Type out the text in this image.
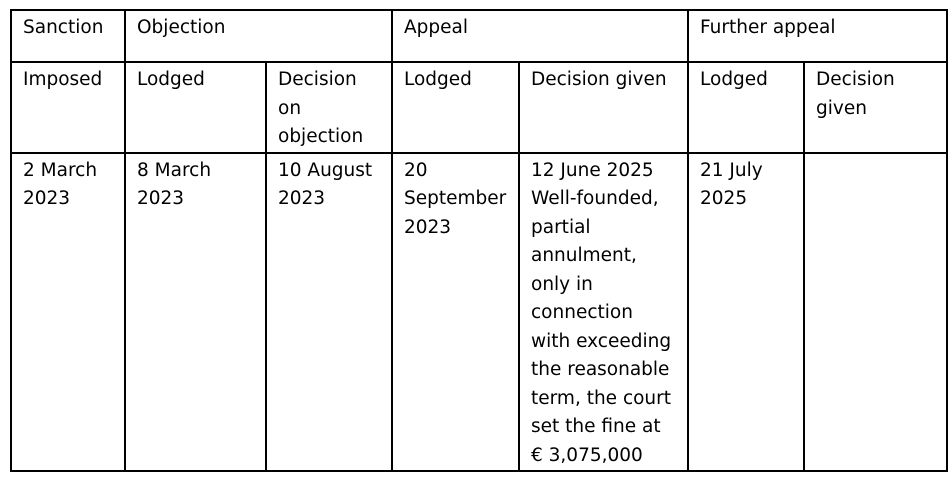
Sanction	Objection		Appeal		Further appeal	

Imposed	Lodged	Decision on objection	Lodged	Decision given	Lodged	Decision given

2 March 2023	8 March 2023	10 August 2023	20 September 2023	12 June 2025 Well-founded, partial annulment, only in connection with exceeding the reasonable term, the court set the fine at € 3,075,000	21 July 2025	
